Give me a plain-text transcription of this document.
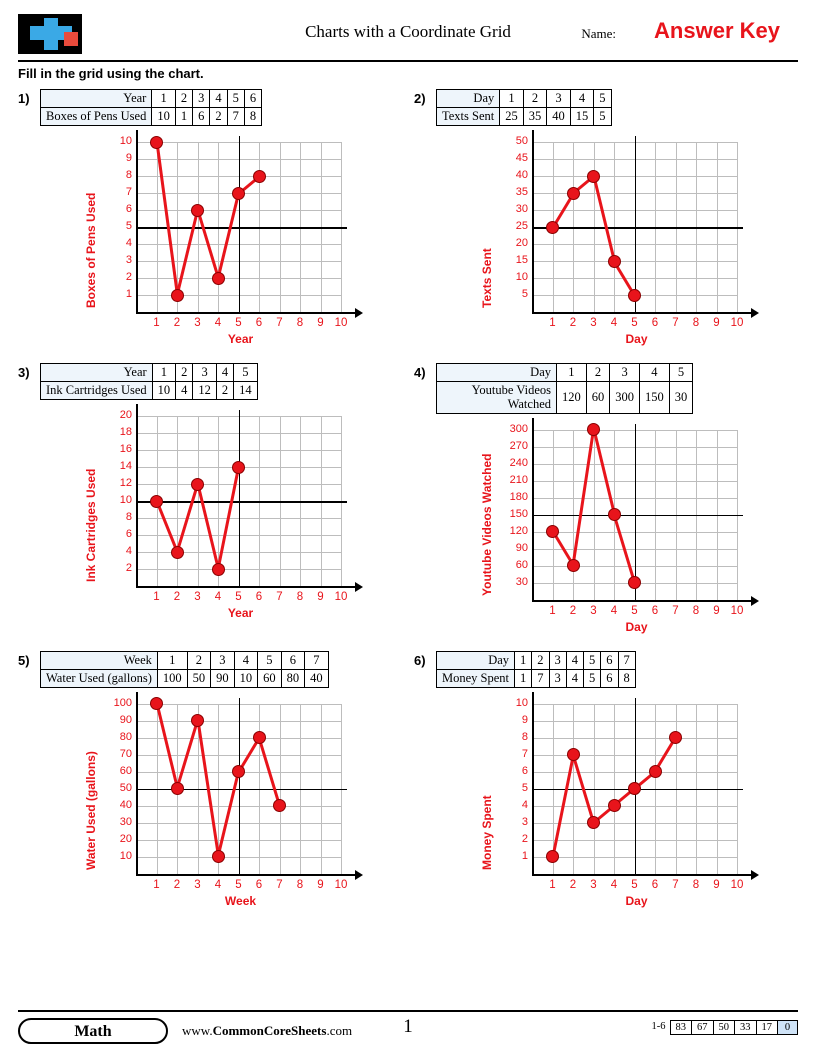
Charts with a Coordinate Grid	Name: Answer Key
Fill in the grid using the chart.
1)	Year	1	2	3	4	5	6
Boxes of Pens Used	10	1	6	2	7	8
1
2
3
4
5
6
7
8
9
10
1	2	3	4	5	6	7	8	9 10
Year
Boxes of Pens Used
2)	Day	1	2	3	4	5
Texts Sent	25	35	40	15	5
5
10
15
20
25
30
35
40
45
50
1	2	3	4	5	6	7	8	9 10
Day
Texts Sent
3)	Year	1	2	3	4	5
Ink Cartridges Used	10	4	12	2	14
2
4
6
8
10
12
14
16
18
20
1	2	3	4	5	6	7	8	9 10
Year
Ink Cartridges Used
4)	Day	1	2	3	4	5
Youtube Videos Watched	120	60	300	150	30
30
60
90
120
150
180
210
240
270
300
1	2	3	4	5	6	7	8	9 10
Day
Youtube Videos Watched
5)	Week	1	2	3	4	5	6	7
Water Used (gallons)	100	50	90	10	60	80	40
10
20
30
40
50
60
70
80
90
100
1	2	3	4	5	6	7	8	9 10
Week
Water Used (gallons)
6)	Day	1	2	3	4	5	6	7
Money Spent	1	7	3	4	5	6	8
1
2
3
4
5
6
7
8
9
10
1	2	3	4	5	6	7	8	9 10
Day
Money Spent
Math	www.CommonCoreSheets.com	1	1-6 83	67	50	33	17	0
